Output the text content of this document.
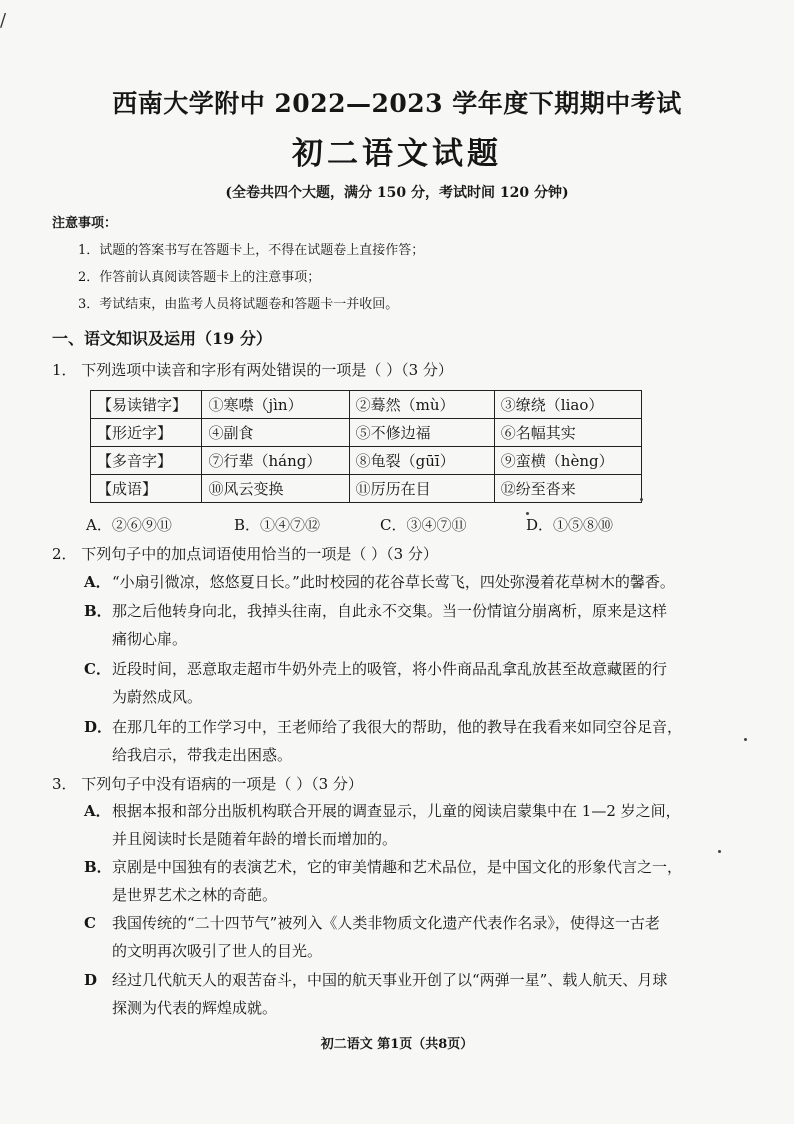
/
西南大学附中 2022—2023 学年度下期期中考试
初二语文试题
(全卷共四个大题，满分 150 分，考试时间 120 分钟)
注意事项：
1．试题的答案书写在答题卡上，不得在试题卷上直接作答；
2．作答前认真阅读答题卡上的注意事项；
3．考试结束，由监考人员将试题卷和答题卡一并收回。
一、语文知识及运用（19 分）
1． 下列选项中读音和字形有两处错误的一项是（ ）（3 分）
【易读错字】	①寒噤（jìn）	②蓦然（mù）	③缭绕（liao）
【形近字】	④副食	⑤不修边福	⑥名幅其实
【多音字】	⑦行辈（háng）	⑧龟裂（gūī）	⑨蛮横（hèng）
【成语】	⑩风云变换	⑪厉历在目	⑫纷至沓来
A．②⑥⑨⑪	B．①④⑦⑫	C．③④⑦⑪	D．①⑤⑧⑩
2． 下列句子中的加点词语使用恰当的一项是（ ）（3 分）
A．“小扇引微凉，悠悠夏日长。”此时校园的花谷草长莺飞，四处弥漫着花草树木的馨香。
B．那之后他转身向北，我掉头往南，自此永不交集。当一份情谊分崩离析，原来是这样
痛彻心扉。
C．近段时间，恶意取走超市牛奶外壳上的吸管，将小件商品乱拿乱放甚至故意藏匿的行
为蔚然成风。
D．在那几年的工作学习中，王老师给了我很大的帮助，他的教导在我看来如同空谷足音，
给我启示，带我走出困惑。
3． 下列句子中没有语病的一项是（ ）（3 分）
A．根据本报和部分出版机构联合开展的调查显示，儿童的阅读启蒙集中在 1—2 岁之间，
并且阅读时长是随着年龄的增长而增加的。
B．京剧是中国独有的表演艺术，它的审美情趣和艺术品位，是中国文化的形象代言之一，
是世界艺术之林的奇葩。
C 我国传统的“二十四节气”被列入《人类非物质文化遗产代表作名录》，使得这一古老
的文明再次吸引了世人的目光。
D 经过几代航天人的艰苦奋斗，中国的航天事业开创了以“两弹一星”、载人航天、月球
探测为代表的辉煌成就。
初二语文 第1页（共8页）
